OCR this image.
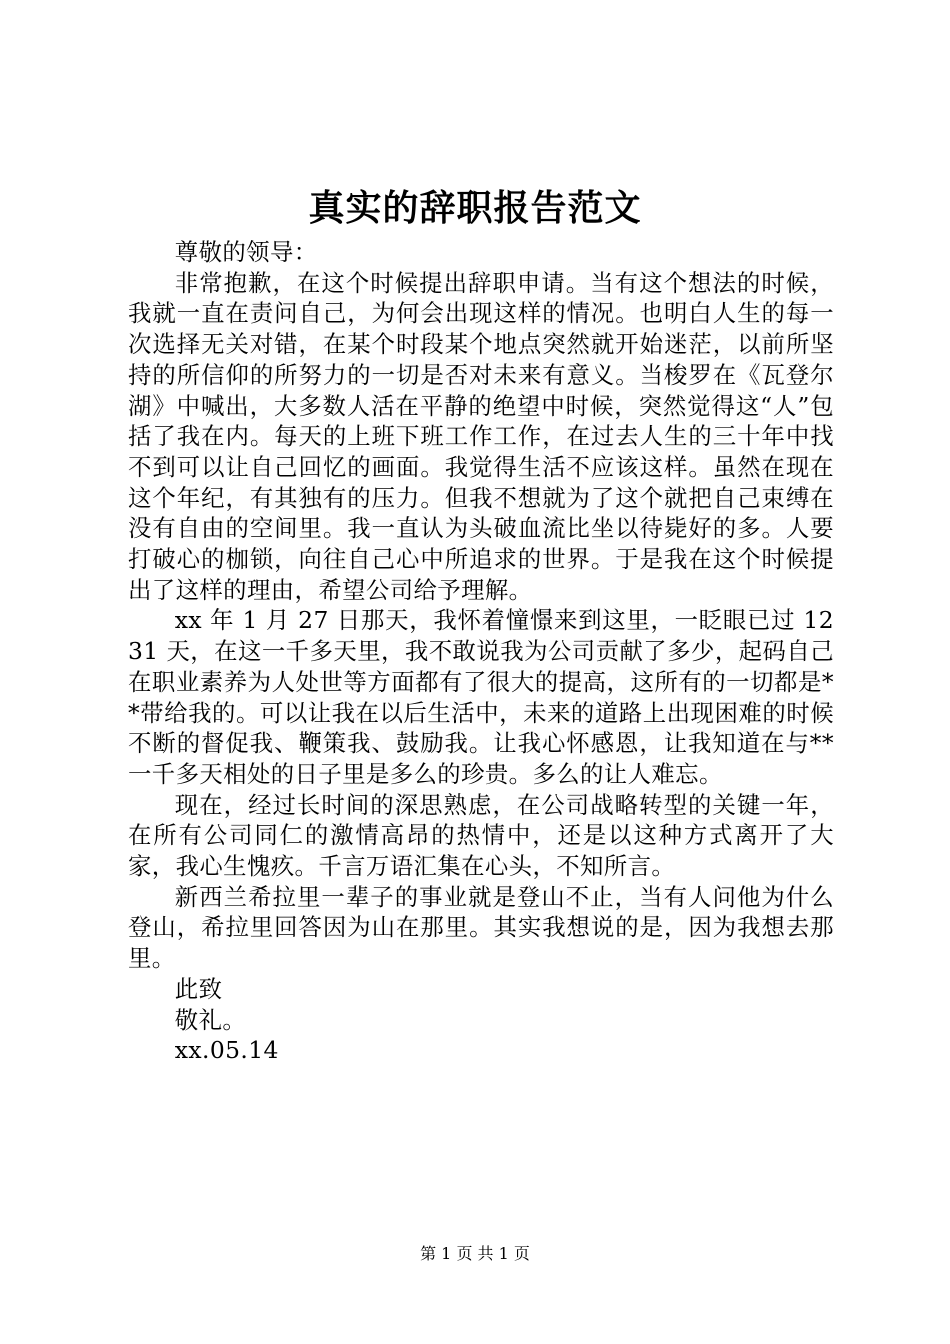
真实的辞职报告范文

尊敬的领导：

非常抱歉，在这个时候提出辞职申请。当有这个想法的时候，我就一直在责问自己，为何会出现这样的情况。也明白人生的每一次选择无关对错，在某个时段某个地点突然就开始迷茫，以前所坚持的所信仰的所努力的一切是否对未来有意义。当梭罗在《瓦登尔湖》中喊出，大多数人活在平静的绝望中时候，突然觉得这“人”包括了我在内。每天的上班下班工作工作，在过去人生的三十年中找不到可以让自己回忆的画面。我觉得生活不应该这样。虽然在现在这个年纪，有其独有的压力。但我不想就为了这个就把自己束缚在没有自由的空间里。我一直认为头破血流比坐以待毙好的多。人要打破心的枷锁，向往自己心中所追求的世界。于是我在这个时候提出了这样的理由，希望公司给予理解。

xx 年 1 月 27 日那天，我怀着憧憬来到这里，一眨眼已过 1231 天，在这一千多天里，我不敢说我为公司贡献了多少，起码自己在职业素养为人处世等方面都有了很大的提高，这所有的一切都是**带给我的。可以让我在以后生活中，未来的道路上出现困难的时候不断的督促我、鞭策我、鼓励我。让我心怀感恩，让我知道在与**一千多天相处的日子里是多么的珍贵。多么的让人难忘。

现在，经过长时间的深思熟虑，在公司战略转型的关键一年，在所有公司同仁的激情高昂的热情中，还是以这种方式离开了大家，我心生愧疚。千言万语汇集在心头，不知所言。

新西兰希拉里一辈子的事业就是登山不止，当有人问他为什么登山，希拉里回答因为山在那里。其实我想说的是，因为我想去那里。

此致

敬礼。

xx.05.14

第 1 页 共 1 页
